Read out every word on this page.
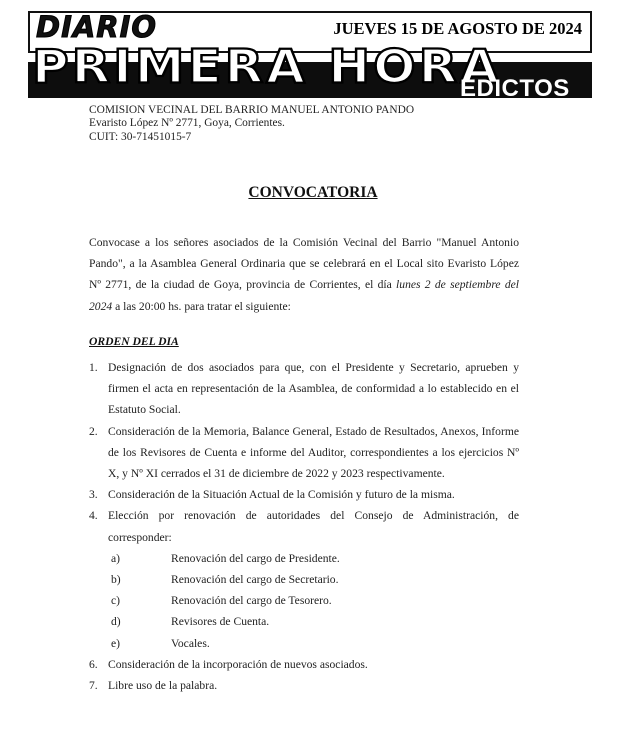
JUEVES 15 DE AGOSTO DE 2024
DIARIO
PRIMERA HORA
EDICTOS
COMISION VECINAL DEL BARRIO MANUEL ANTONIO PANDO
Evaristo López Nº 2771, Goya, Corrientes.
CUIT: 30-71451015-7
CONVOCATORIA
Convocase a los señores asociados de la Comisión Vecinal del Barrio "Manuel Antonio Pando", a la Asamblea General Ordinaria que se celebrará en el Local sito Evaristo López Nº 2771, de la ciudad de Goya, provincia de Corrientes, el día lunes 2 de septiembre del 2024 a las 20:00 hs. para tratar el siguiente:
ORDEN DEL DIA
1. Designación de dos asociados para que, con el Presidente y Secretario, aprueben y firmen el acta en representación de la Asamblea, de conformidad a lo establecido en el Estatuto Social.
2. Consideración de la Memoria, Balance General, Estado de Resultados, Anexos, Informe de los Revisores de Cuenta e informe del Auditor, correspondientes a los ejercicios Nº X, y Nº XI cerrados el 31 de diciembre de 2022 y 2023 respectivamente.
3. Consideración de la Situación Actual de la Comisión y futuro de la misma.
4. Elección por renovación de autoridades del Consejo de Administración, de corresponder:
a)	Renovación del cargo de Presidente.
b)	Renovación del cargo de Secretario.
c)	Renovación del cargo de Tesorero.
d)	Revisores de Cuenta.
e)	Vocales.
6. Consideración de la incorporación de nuevos asociados.
7. Libre uso de la palabra.
